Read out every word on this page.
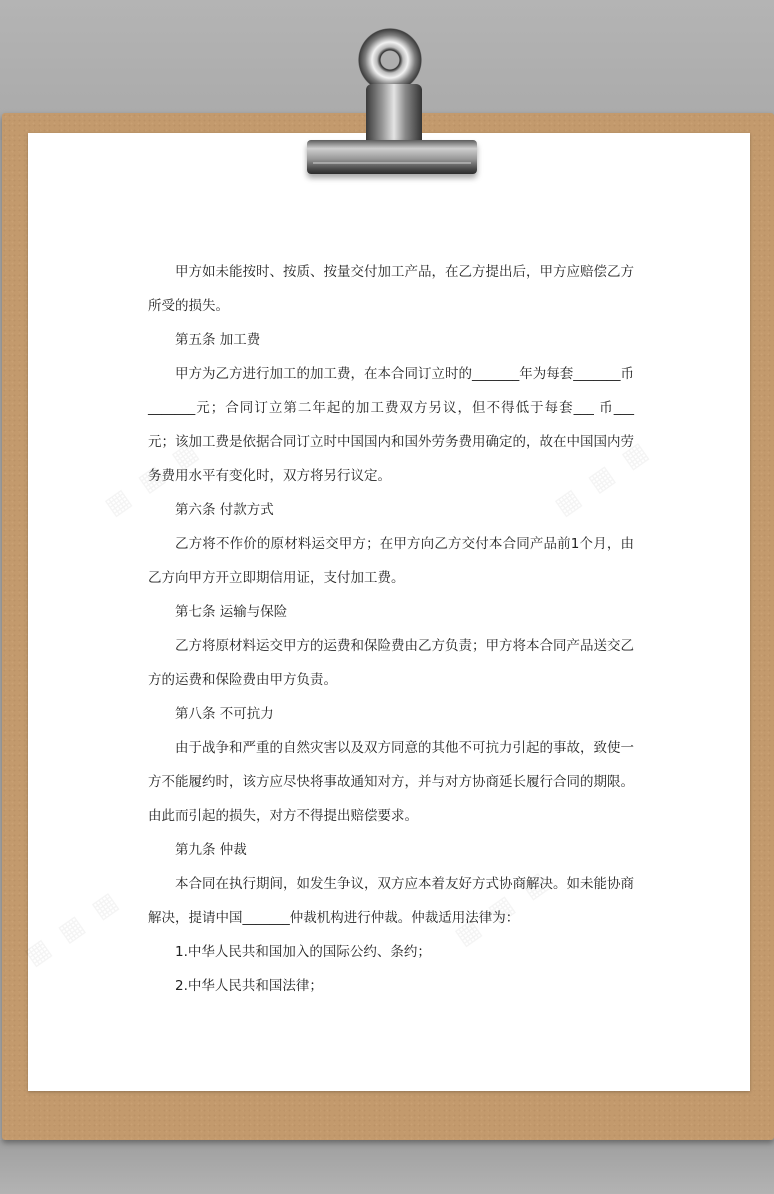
甲方如未能按时、按质、按量交付加工产品，在乙方提出后，甲方应赔偿乙方所受的损失。

第五条 加工费

甲方为乙方进行加工的加工费，在本合同订立时的_______年为每套_______币_______元；合同订立第二年起的加工费双方另议，但不得低于每套___ 币___ 元；该加工费是依据合同订立时中国国内和国外劳务费用确定的，故在中国国内劳务费用水平有变化时，双方将另行议定。

第六条 付款方式

乙方将不作价的原材料运交甲方；在甲方向乙方交付本合同产品前1个月，由乙方向甲方开立即期信用证，支付加工费。

第七条 运输与保险

乙方将原材料运交甲方的运费和保险费由乙方负责；甲方将本合同产品送交乙方的运费和保险费由甲方负责。

第八条 不可抗力

由于战争和严重的自然灾害以及双方同意的其他不可抗力引起的事故，致使一方不能履约时，该方应尽快将事故通知对方，并与对方协商延长履行合同的期限。由此而引起的损失，对方不得提出赔偿要求。

第九条 仲裁

本合同在执行期间，如发生争议，双方应本着友好方式协商解决。如未能协商解决，提请中国_______仲裁机构进行仲裁。仲裁适用法律为：

1.中华人民共和国加入的国际公约、条约；

2.中华人民共和国法律；
